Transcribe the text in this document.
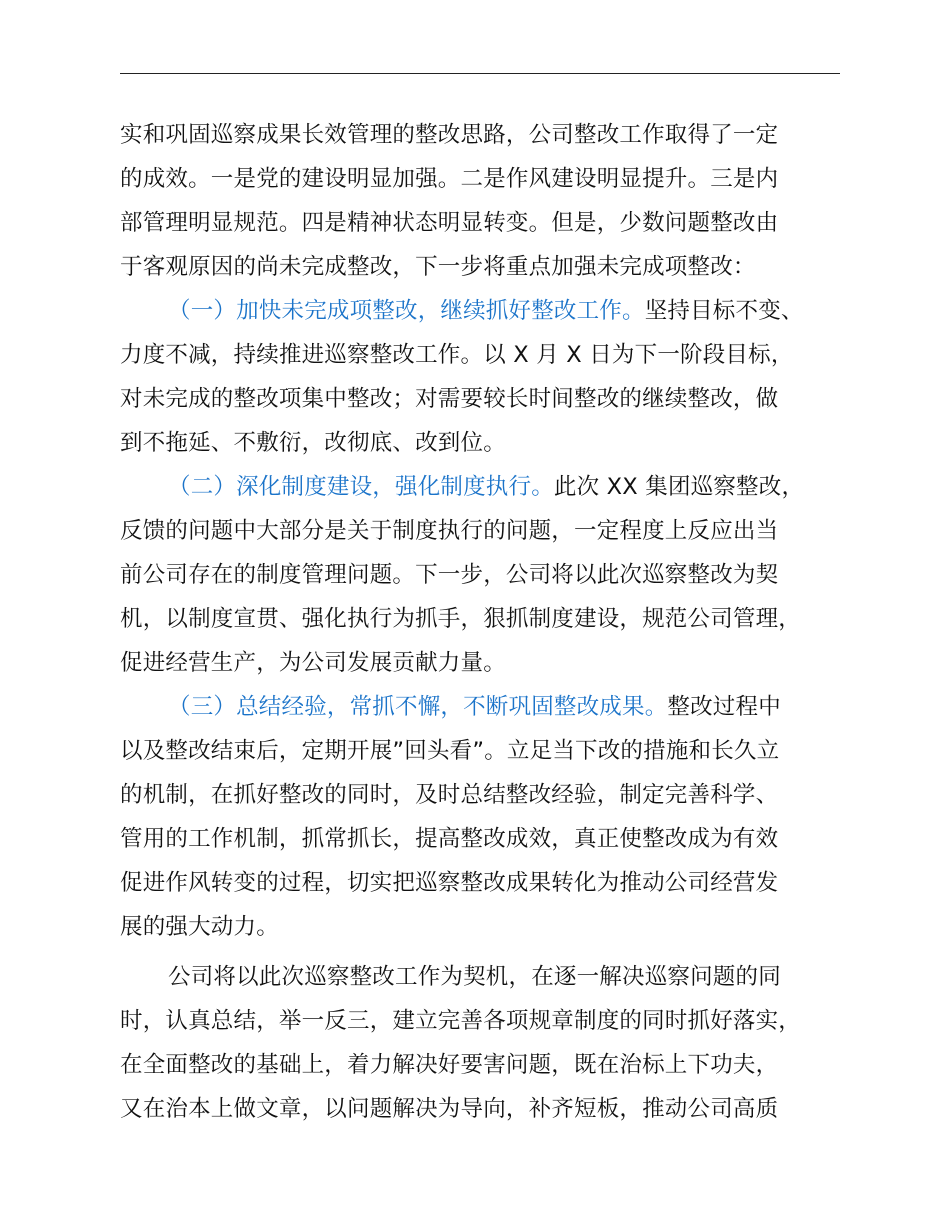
实和巩固巡察成果长效管理的整改思路，公司整改工作取得了一定
的成效。一是党的建设明显加强。二是作风建设明显提升。三是内
部管理明显规范。四是精神状态明显转变。但是，少数问题整改由
于客观原因的尚未完成整改，下一步将重点加强未完成项整改：
（一）加快未完成项整改，继续抓好整改工作。坚持目标不变、
力度不减，持续推进巡察整改工作。以 X 月 X 日为下一阶段目标，
对未完成的整改项集中整改；对需要较长时间整改的继续整改，做
到不拖延、不敷衍，改彻底、改到位。
（二）深化制度建设，强化制度执行。此次 XX 集团巡察整改，
反馈的问题中大部分是关于制度执行的问题，一定程度上反应出当
前公司存在的制度管理问题。下一步，公司将以此次巡察整改为契
机，以制度宣贯、强化执行为抓手，狠抓制度建设，规范公司管理，
促进经营生产，为公司发展贡献力量。
（三）总结经验，常抓不懈，不断巩固整改成果。整改过程中
以及整改结束后，定期开展”回头看”。立足当下改的措施和长久立
的机制，在抓好整改的同时，及时总结整改经验，制定完善科学、
管用的工作机制，抓常抓长，提高整改成效，真正使整改成为有效
促进作风转变的过程，切实把巡察整改成果转化为推动公司经营发
展的强大动力。
公司将以此次巡察整改工作为契机，在逐一解决巡察问题的同
时，认真总结，举一反三，建立完善各项规章制度的同时抓好落实，
在全面整改的基础上，着力解决好要害问题，既在治标上下功夫，
又在治本上做文章，以问题解决为导向，补齐短板，推动公司高质
